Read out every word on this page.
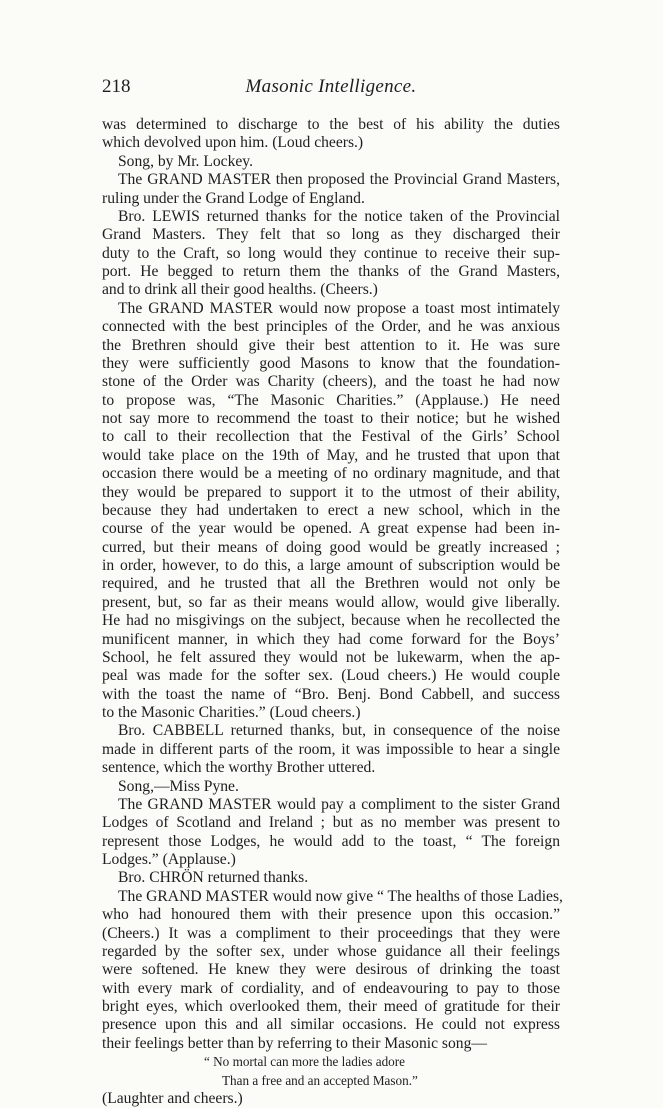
218	Masonic Intelligence.
was determined to discharge to the best of his ability the duties
which devolved upon him. (Loud cheers.)
Song, by Mr. Lockey.
The GRAND MASTER then proposed the Provincial Grand Masters,
ruling under the Grand Lodge of England.
Bro. LEWIS returned thanks for the notice taken of the Provincial
Grand Masters. They felt that so long as they discharged their
duty to the Craft, so long would they continue to receive their sup-
port. He begged to return them the thanks of the Grand Masters,
and to drink all their good healths. (Cheers.)
The GRAND MASTER would now propose a toast most intimately
connected with the best principles of the Order, and he was anxious
the Brethren should give their best attention to it. He was sure
they were sufficiently good Masons to know that the foundation-
stone of the Order was Charity (cheers), and the toast he had now
to propose was, “The Masonic Charities.” (Applause.) He need
not say more to recommend the toast to their notice; but he wished
to call to their recollection that the Festival of the Girls’ School
would take place on the 19th of May, and he trusted that upon that
occasion there would be a meeting of no ordinary magnitude, and that
they would be prepared to support it to the utmost of their ability,
because they had undertaken to erect a new school, which in the
course of the year would be opened. A great expense had been in-
curred, but their means of doing good would be greatly increased ;
in order, however, to do this, a large amount of subscription would be
required, and he trusted that all the Brethren would not only be
present, but, so far as their means would allow, would give liberally.
He had no misgivings on the subject, because when he recollected the
munificent manner, in which they had come forward for the Boys’
School, he felt assured they would not be lukewarm, when the ap-
peal was made for the softer sex. (Loud cheers.) He would couple
with the toast the name of “Bro. Benj. Bond Cabbell, and success
to the Masonic Charities.” (Loud cheers.)
Bro. CABBELL returned thanks, but, in consequence of the noise
made in different parts of the room, it was impossible to hear a single
sentence, which the worthy Brother uttered.
Song,—Miss Pyne.
The GRAND MASTER would pay a compliment to the sister Grand
Lodges of Scotland and Ireland ; but as no member was present to
represent those Lodges, he would add to the toast, “ The foreign
Lodges.” (Applause.)
Bro. CHRÖN returned thanks.
The GRAND MASTER would now give “ The healths of those Ladies,
who had honoured them with their presence upon this occasion.”
(Cheers.) It was a compliment to their proceedings that they were
regarded by the softer sex, under whose guidance all their feelings
were softened. He knew they were desirous of drinking the toast
with every mark of cordiality, and of endeavouring to pay to those
bright eyes, which overlooked them, their meed of gratitude for their
presence upon this and all similar occasions. He could not express
their feelings better than by referring to their Masonic song—
“ No mortal can more the ladies adore
Than a free and an accepted Mason.”
(Laughter and cheers.)
